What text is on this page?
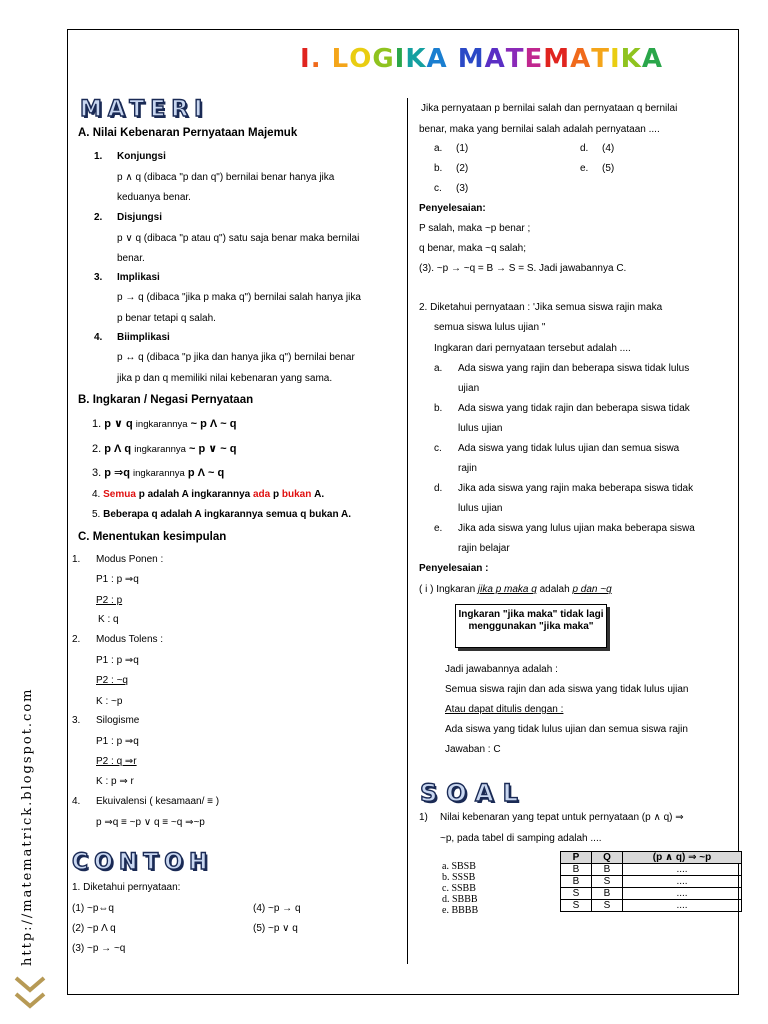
http://matematrick.blogspot.com
I. LOGIKA MATEMATIKA
MATERI
A. Nilai Kebenaran Pernyataan Majemuk
1. Konjungsi
p ∧ q (dibaca "p dan q") bernilai benar hanya jika
keduanya benar.
2. Disjungsi
p ∨ q (dibaca "p atau q") satu saja benar maka bernilai
benar.
3. Implikasi
p → q (dibaca "jika p maka q") bernilai salah hanya jika
p benar tetapi q salah.
4. Biimplikasi
p ↔ q (dibaca "p jika dan hanya jika q") bernilai benar
jika p dan q memiliki nilai kebenaran yang sama.
B. Ingkaran / Negasi Pernyataan
1. p ∨ q ingkarannya ~ p Λ ~ q
2. p Λ q ingkarannya ~ p ∨ ~ q
3. p ⇒q ingkarannya p Λ ~ q
4. Semua p adalah A ingkarannya ada p bukan A.
5. Beberapa q adalah A ingkarannya semua q bukan A.
C. Menentukan kesimpulan
1. Modus Ponen :
P1 : p ⇒q
P2 : p
K : q
2. Modus Tolens :
P1 : p ⇒q
P2 : ~q
K : ~p
3. Silogisme
P1 : p ⇒q
P2 : q ⇒r
K : p ⇒ r
4. Ekuivalensi ( kesamaan/ ≡ )
p ⇒q ≡ ~p ∨ q ≡ ~q ⇒~p
CONTOH
1. Diketahui pernyataan:
(1) ~p⇔q
(2) ~p Λ q
(3) ~p → ~q
(4) ~p → q
(5) ~p ∨ q
Jika pernyataan p bernilai salah dan pernyataan q bernilai
benar, maka yang bernilai salah adalah pernyataan ....
a. (1)	d. (4)
b. (2)	e. (5)
c. (3)
Penyelesaian:
P salah, maka ~p benar ;
q benar, maka ~q salah;
(3). ~p → ~q = B → S = S. Jadi jawabannya C.
2. Diketahui pernyataan : 'Jika semua siswa rajin maka
semua siswa lulus ujian "
Ingkaran dari pernyataan tersebut adalah ....
a. Ada siswa yang rajin dan beberapa siswa tidak lulus
ujian
b. Ada siswa yang tidak rajin dan beberapa siswa tidak
lulus ujian
c. Ada siswa yang tidak lulus ujian dan semua siswa
rajin
d. Jika ada siswa yang rajin maka beberapa siswa tidak
lulus ujian
e. Jika ada siswa yang lulus ujian maka beberapa siswa
rajin belajar
Penyelesaian :
( i ) Ingkaran jika p maka q adalah p dan ~q
Ingkaran "jika maka" tidak lagi menggunakan "jika maka"
Jadi jawabannya adalah :
Semua siswa rajin dan ada siswa yang tidak lulus ujian
Atau dapat ditulis dengan :
Ada siswa yang tidak lulus ujian dan semua siswa rajin
Jawaban : C
SOAL
1) Nilai kebenaran yang tepat untuk pernyataan (p ∧ q) ⇒
~p, pada tabel di samping adalah ....
a. SBSB
b. SSSB
c. SSBB
d. SBBB
e. BBBB
P	Q	(p ∧ q) ⇒ ~p
B	B	....
B	S	....
S	B	....
S	S	....
